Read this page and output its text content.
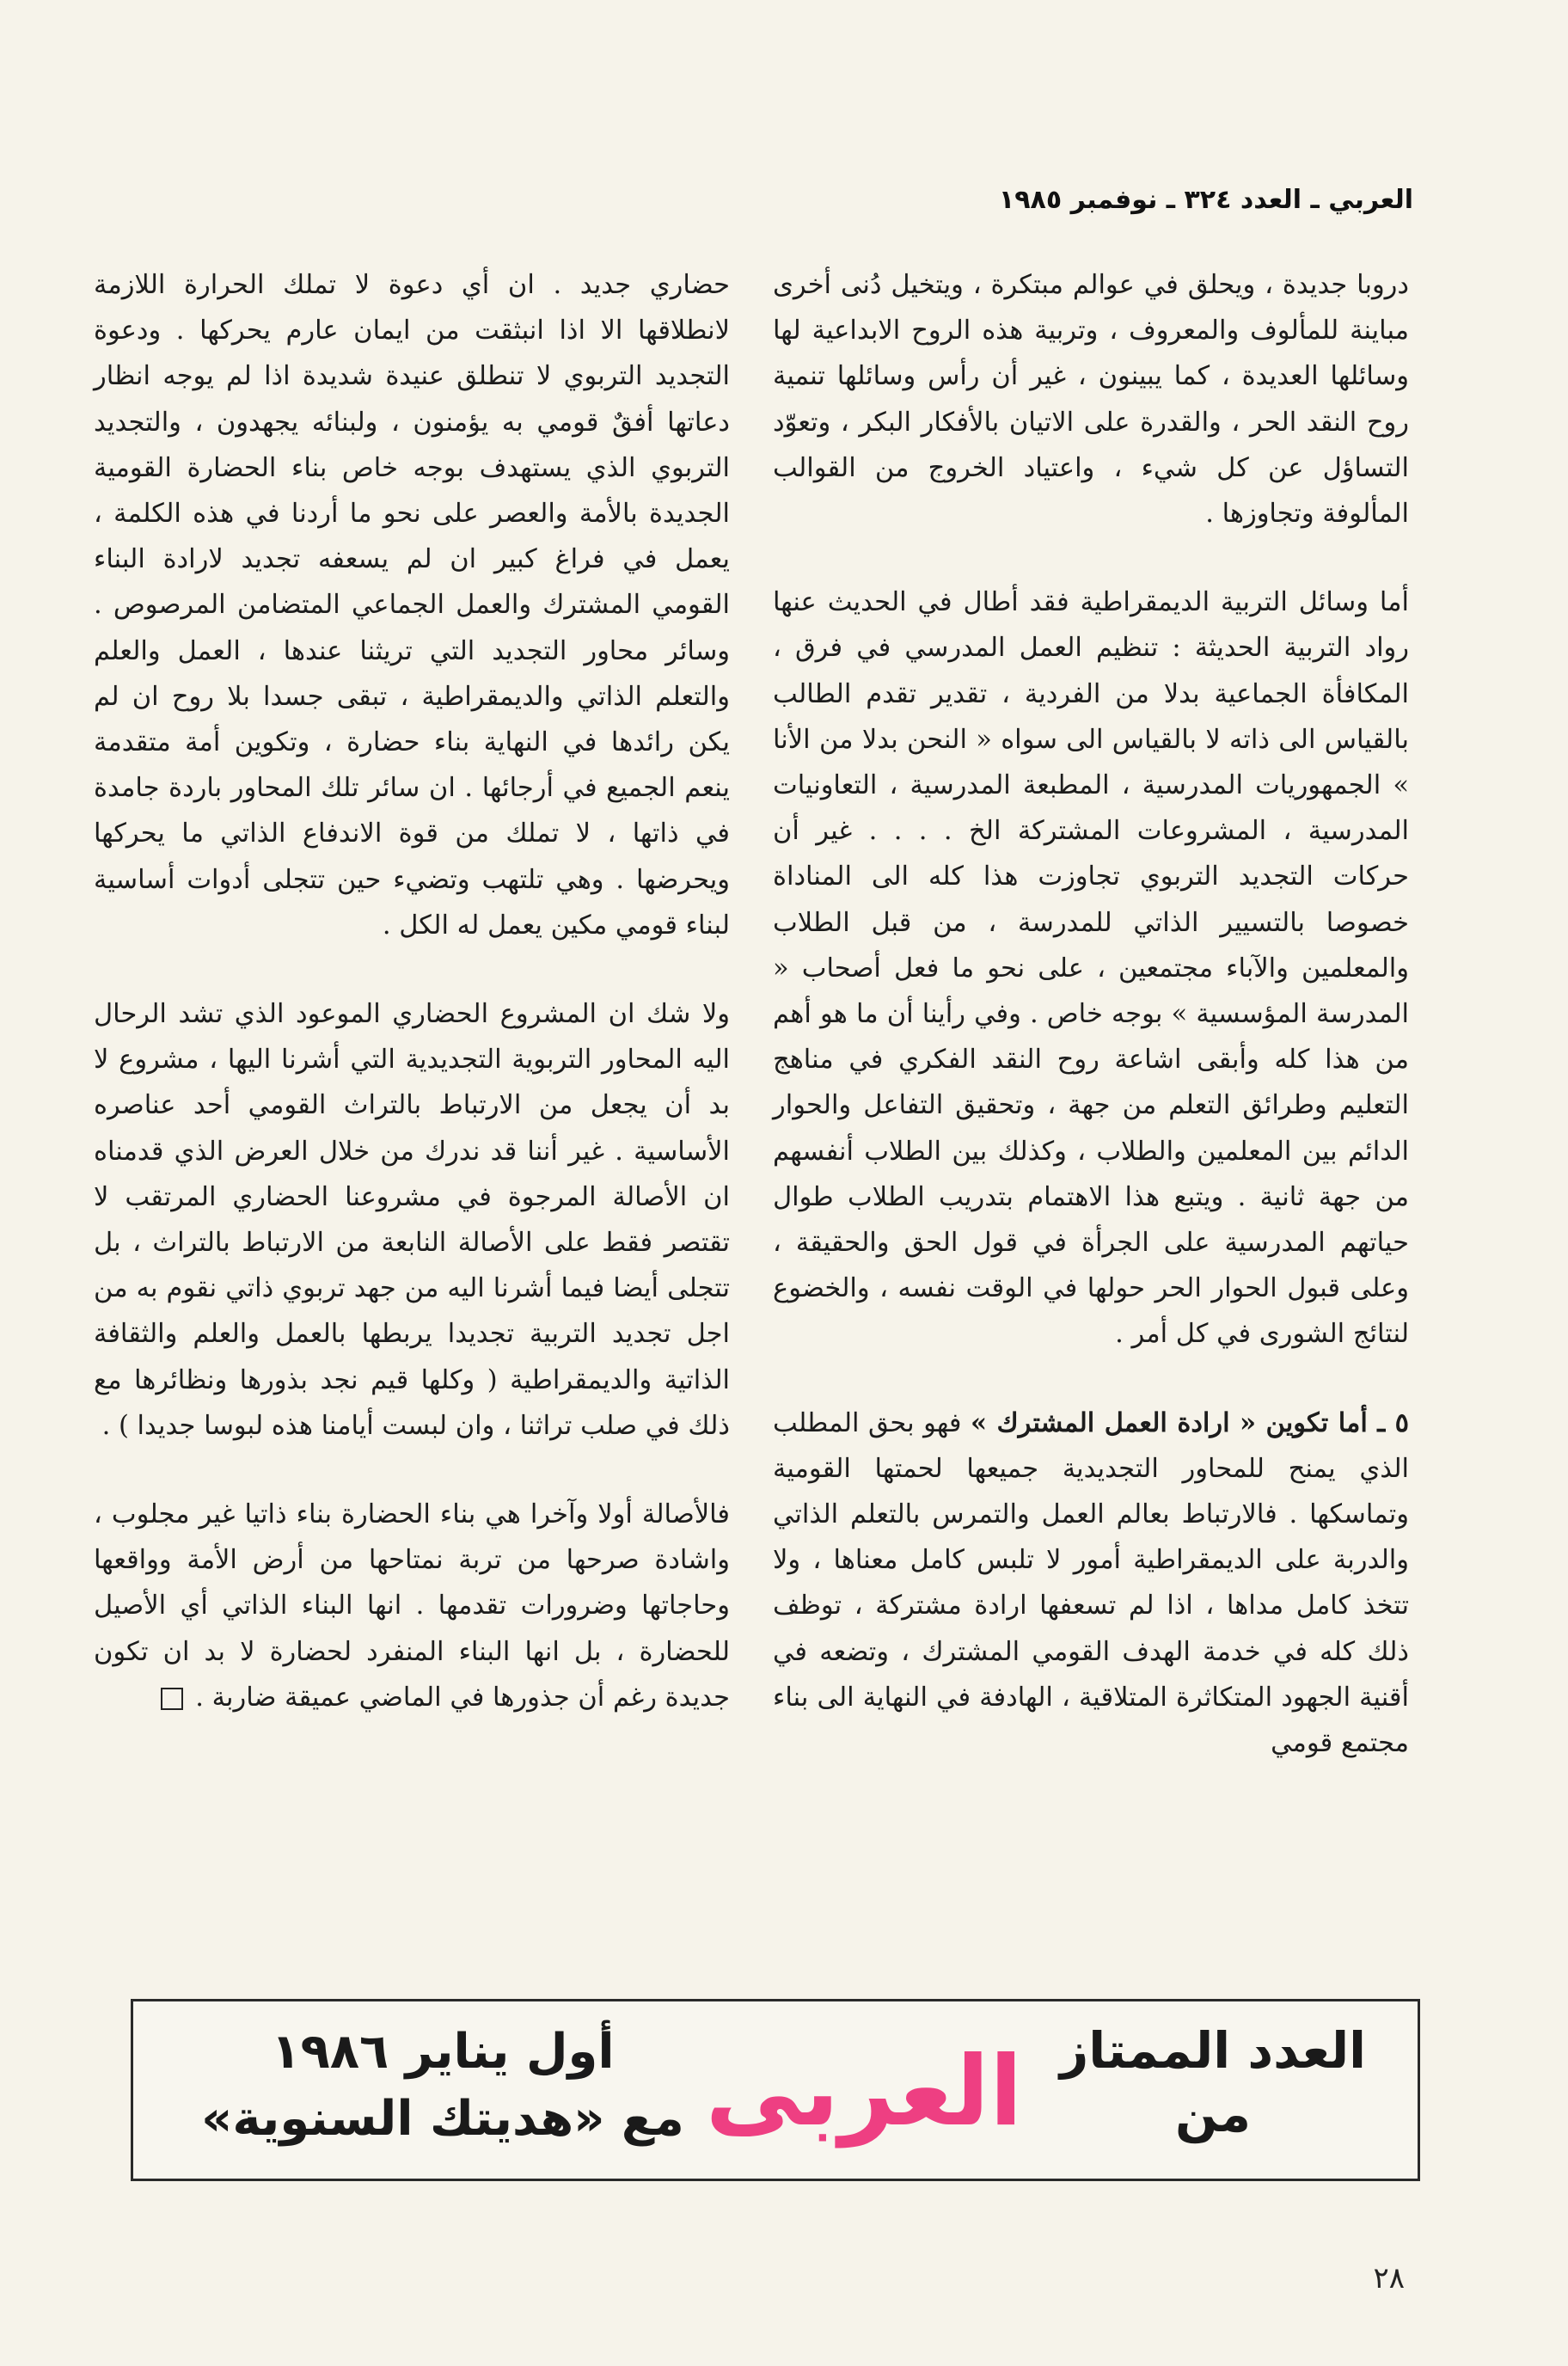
العربي ـ العدد ٣٢٤ ـ نوفمبر ١٩٨٥

دروبا جديدة ، ويحلق في عوالم مبتكرة ، ويتخيل دُنى أخرى مباينة للمألوف والمعروف ، وتربية هذه الروح الابداعية لها وسائلها العديدة ، كما يبينون ، غير أن رأس وسائلها تنمية روح النقد الحر ، والقدرة على الاتيان بالأفكار البكر ، وتعوّد التساؤل عن كل شيء ، واعتياد الخروج من القوالب المألوفة وتجاوزها .

أما وسائل التربية الديمقراطية فقد أطال في الحديث عنها رواد التربية الحديثة : تنظيم العمل المدرسي في فرق ، المكافأة الجماعية بدلا من الفردية ، تقدير تقدم الطالب بالقياس الى ذاته لا بالقياس الى سواه « النحن بدلا من الأنا » الجمهوريات المدرسية ، المطبعة المدرسية ، التعاونيات المدرسية ، المشروعات المشتركة الخ . . . . غير أن حركات التجديد التربوي تجاوزت هذا كله الى المناداة خصوصا بالتسيير الذاتي للمدرسة ، من قبل الطلاب والمعلمين والآباء مجتمعين ، على نحو ما فعل أصحاب « المدرسة المؤسسية » بوجه خاص . وفي رأينا أن ما هو أهم من هذا كله وأبقى اشاعة روح النقد الفكري في مناهج التعليم وطرائق التعلم من جهة ، وتحقيق التفاعل والحوار الدائم بين المعلمين والطلاب ، وكذلك بين الطلاب أنفسهم من جهة ثانية . ويتبع هذا الاهتمام بتدريب الطلاب طوال حياتهم المدرسية على الجرأة في قول الحق والحقيقة ، وعلى قبول الحوار الحر حولها في الوقت نفسه ، والخضوع لنتائج الشورى في كل أمر .

٥ ـ أما تكوين « ارادة العمل المشترك » فهو بحق المطلب الذي يمنح للمحاور التجديدية جميعها لحمتها القومية وتماسكها . فالارتباط بعالم العمل والتمرس بالتعلم الذاتي والدربة على الديمقراطية أمور لا تلبس كامل معناها ، ولا تتخذ كامل مداها ، اذا لم تسعفها ارادة مشتركة ، توظف ذلك كله في خدمة الهدف القومي المشترك ، وتضعه في أقنية الجهود المتكاثرة المتلاقية ، الهادفة في النهاية الى بناء مجتمع قومي

حضاري جديد . ان أي دعوة لا تملك الحرارة اللازمة لانطلاقها الا اذا انبثقت من ايمان عارم يحركها . ودعوة التجديد التربوي لا تنطلق عنيدة شديدة اذا لم يوجه انظار دعاتها أفقٌ قومي به يؤمنون ، ولبنائه يجهدون ، والتجديد التربوي الذي يستهدف بوجه خاص بناء الحضارة القومية الجديدة بالأمة والعصر على نحو ما أردنا في هذه الكلمة ، يعمل في فراغ كبير ان لم يسعفه تجديد لارادة البناء القومي المشترك والعمل الجماعي المتضامن المرصوص . وسائر محاور التجديد التي تريثنا عندها ، العمل والعلم والتعلم الذاتي والديمقراطية ، تبقى جسدا بلا روح ان لم يكن رائدها في النهاية بناء حضارة ، وتكوين أمة متقدمة ينعم الجميع في أرجائها . ان سائر تلك المحاور باردة جامدة في ذاتها ، لا تملك من قوة الاندفاع الذاتي ما يحركها ويحرضها . وهي تلتهب وتضيء حين تتجلى أدوات أساسية لبناء قومي مكين يعمل له الكل .

ولا شك ان المشروع الحضاري الموعود الذي تشد الرحال اليه المحاور التربوية التجديدية التي أشرنا اليها ، مشروع لا بد أن يجعل من الارتباط بالتراث القومي أحد عناصره الأساسية . غير أننا قد ندرك من خلال العرض الذي قدمناه ان الأصالة المرجوة في مشروعنا الحضاري المرتقب لا تقتصر فقط على الأصالة النابعة من الارتباط بالتراث ، بل تتجلى أيضا فيما أشرنا اليه من جهد تربوي ذاتي نقوم به من اجل تجديد التربية تجديدا يربطها بالعمل والعلم والثقافة الذاتية والديمقراطية ( وكلها قيم نجد بذورها ونظائرها مع ذلك في صلب تراثنا ، وان لبست أيامنا هذه لبوسا جديدا ) .

فالأصالة أولا وآخرا هي بناء الحضارة بناء ذاتيا غير مجلوب ، واشادة صرحها من تربة نمتاحها من أرض الأمة وواقعها وحاجاتها وضرورات تقدمها . انها البناء الذاتي أي الأصيل للحضارة ، بل انها البناء المنفرد لحضارة لا بد ان تكون جديدة رغم أن جذورها في الماضي عميقة ضاربة .

العدد الممتاز
من
العربى
أول يناير ١٩٨٦
مع «هديتك السنوية»
٢٨
